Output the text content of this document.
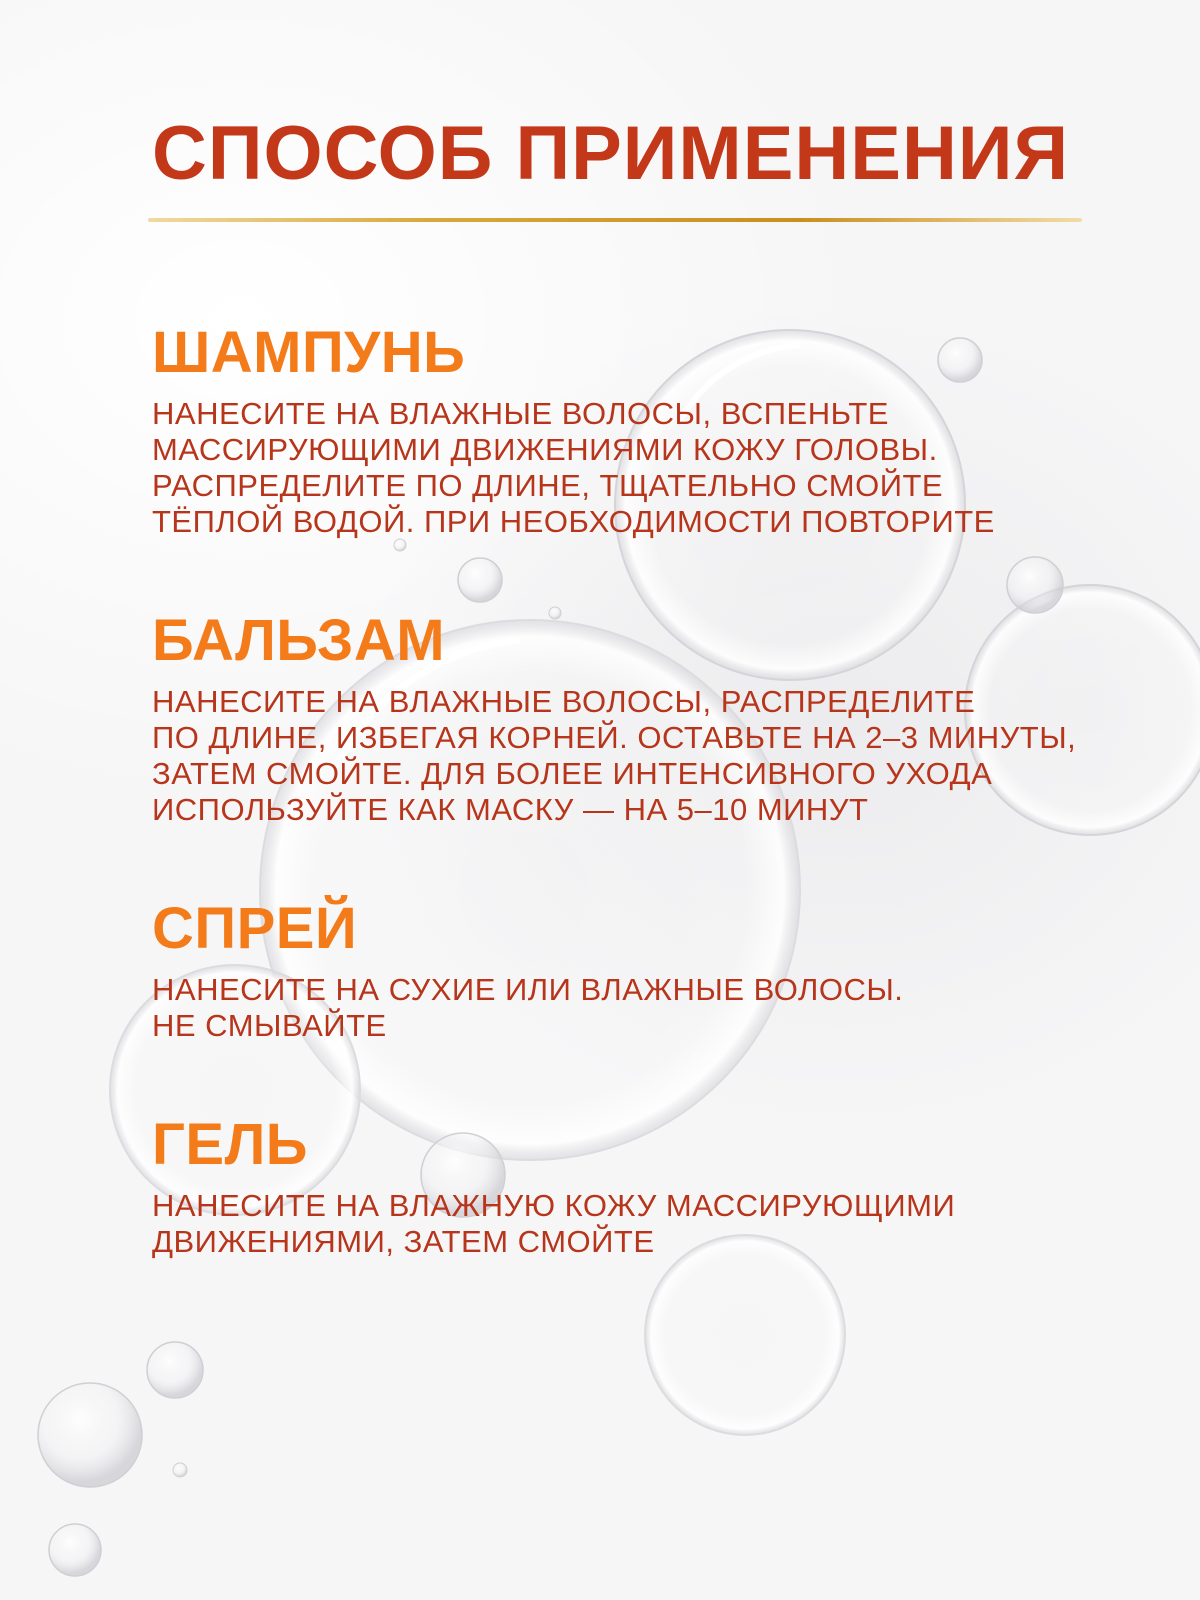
СПОСОБ ПРИМЕНЕНИЯ
ШАМПУНЬ
НАНЕСИТЕ НА ВЛАЖНЫЕ ВОЛОСЫ, ВСПЕНЬТЕ
МАССИРУЮЩИМИ ДВИЖЕНИЯМИ КОЖУ ГОЛОВЫ.
РАСПРЕДЕЛИТЕ ПО ДЛИНЕ, ТЩАТЕЛЬНО СМОЙТЕ
ТЁПЛОЙ ВОДОЙ. ПРИ НЕОБХОДИМОСТИ ПОВТОРИТЕ
БАЛЬЗАМ
НАНЕСИТЕ НА ВЛАЖНЫЕ ВОЛОСЫ, РАСПРЕДЕЛИТЕ
ПО ДЛИНЕ, ИЗБЕГАЯ КОРНЕЙ. ОСТАВЬТЕ НА 2–3 МИНУТЫ,
ЗАТЕМ СМОЙТЕ. ДЛЯ БОЛЕЕ ИНТЕНСИВНОГО УХОДА
ИСПОЛЬЗУЙТЕ КАК МАСКУ — НА 5–10 МИНУТ
СПРЕЙ
НАНЕСИТЕ НА СУХИЕ ИЛИ ВЛАЖНЫЕ ВОЛОСЫ.
НЕ СМЫВАЙТЕ
ГЕЛЬ
НАНЕСИТЕ НА ВЛАЖНУЮ КОЖУ МАССИРУЮЩИМИ
ДВИЖЕНИЯМИ, ЗАТЕМ СМОЙТЕ
